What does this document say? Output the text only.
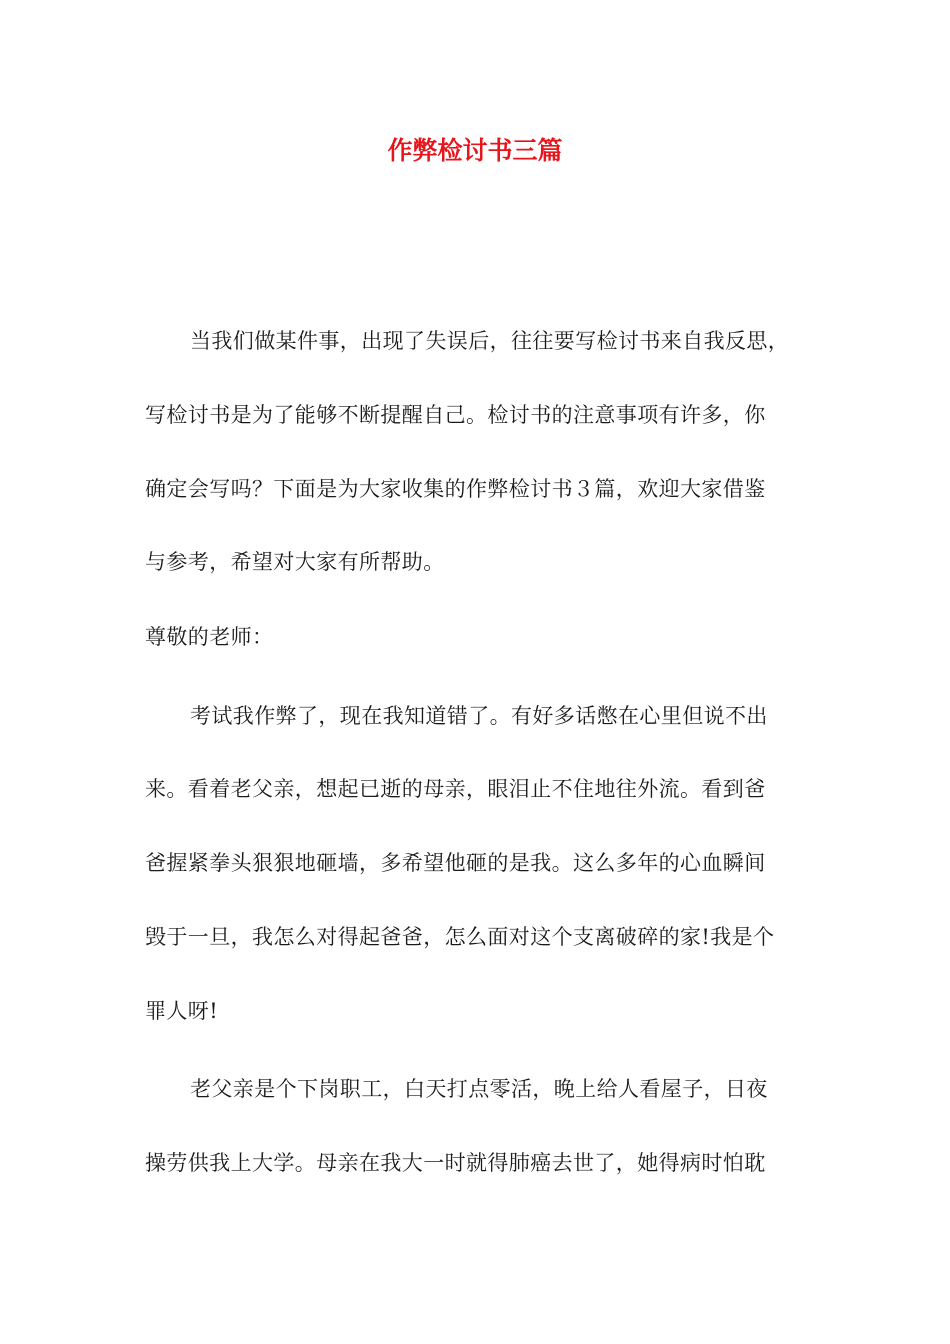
作弊检讨书三篇

当我们做某件事，出现了失误后，往往要写检讨书来自我反思，

写检讨书是为了能够不断提醒自己。检讨书的注意事项有许多，你

确定会写吗？下面是为大家收集的作弊检讨书３篇，欢迎大家借鉴

与参考，希望对大家有所帮助。

尊敬的老师：

考试我作弊了，现在我知道错了。有好多话憋在心里但说不出

来。看着老父亲，想起已逝的母亲，眼泪止不住地往外流。看到爸

爸握紧拳头狠狠地砸墙，多希望他砸的是我。这么多年的心血瞬间

毁于一旦，我怎么对得起爸爸，怎么面对这个支离破碎的家!我是个

罪人呀!

老父亲是个下岗职工，白天打点零活，晚上给人看屋子，日夜

操劳供我上大学。母亲在我大一时就得肺癌去世了，她得病时怕耽
